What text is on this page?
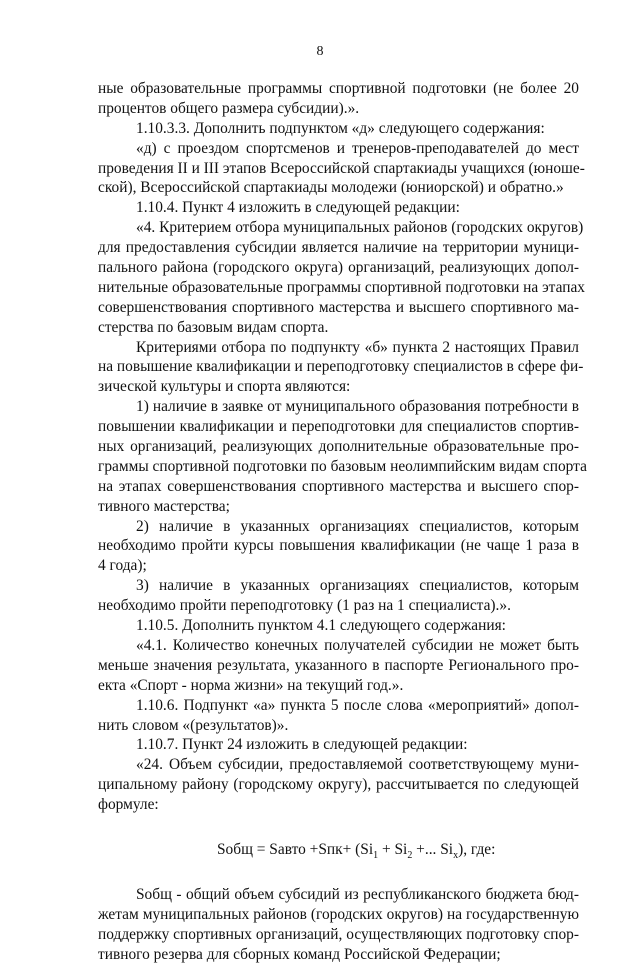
8
ные образовательные программы спортивной подготовки (не более 20
процентов общего размера субсидии).».
1.10.3.3. Дополнить подпунктом «д» следующего содержания:
«д) с проездом спортсменов и тренеров-преподавателей до мест
проведения II и III этапов Всероссийской спартакиады учащихся (юноше-
ской), Всероссийской спартакиады молодежи (юниорской) и обратно.»
1.10.4. Пункт 4 изложить в следующей редакции:
«4. Критерием отбора муниципальных районов (городских округов)
для предоставления субсидии является наличие на территории муници-
пального района (городского округа) организаций, реализующих допол-
нительные образовательные программы спортивной подготовки на этапах
совершенствования спортивного мастерства и высшего спортивного ма-
стерства по базовым видам спорта.
Критериями отбора по подпункту «б» пункта 2 настоящих Правил
на повышение квалификации и переподготовку специалистов в сфере фи-
зической культуры и спорта являются:
1) наличие в заявке от муниципального образования потребности в
повышении квалификации и переподготовки для специалистов спортив-
ных организаций, реализующих дополнительные образовательные про-
граммы спортивной подготовки по базовым неолимпийским видам спорта
на этапах совершенствования спортивного мастерства и высшего спор-
тивного мастерства;
2) наличие в указанных организациях специалистов, которым
необходимо пройти курсы повышения квалификации (не чаще 1 раза в
4 года);
3) наличие в указанных организациях специалистов, которым
необходимо пройти переподготовку (1 раз на 1 специалиста).».
1.10.5. Дополнить пунктом 4.1 следующего содержания:
«4.1. Количество конечных получателей субсидии не может быть
меньше значения результата, указанного в паспорте Регионального про-
екта «Спорт - норма жизни» на текущий год.».
1.10.6. Подпункт «а» пункта 5 после слова «мероприятий» допол-
нить словом «(результатов)».
1.10.7. Пункт 24 изложить в следующей редакции:
«24. Объем субсидии, предоставляемой соответствующему муни-
ципальному району (городскому округу), рассчитывается по следующей
формуле:
Sобщ = Sавто $+Sпк+ (Si_1 + Si_2$ +... $Si_x$), где:
Sобщ - общий объем субсидий из республиканского бюджета бюд-
жетам муниципальных районов (городских округов) на государственную
поддержку спортивных организаций, осуществляющих подготовку спор-
тивного резерва для сборных команд Российской Федерации;
